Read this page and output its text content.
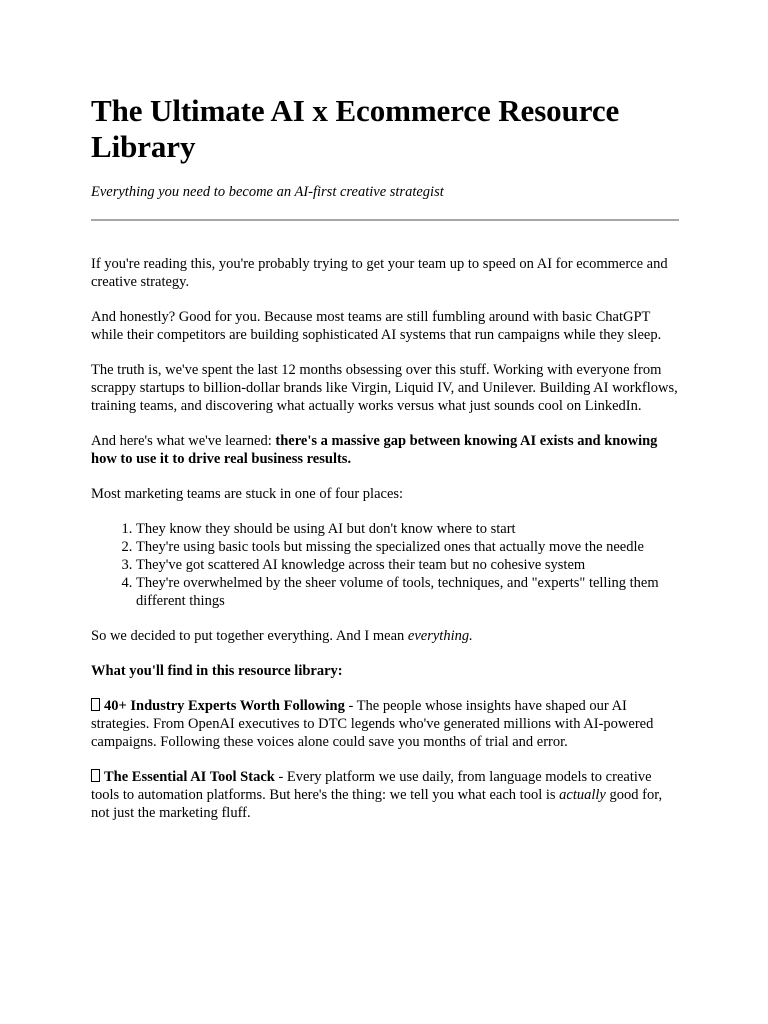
The Ultimate AI x Ecommerce Resource Library

Everything you need to become an AI-first creative strategist

If you're reading this, you're probably trying to get your team up to speed on AI for ecommerce and creative strategy.

And honestly? Good for you. Because most teams are still fumbling around with basic ChatGPT while their competitors are building sophisticated AI systems that run campaigns while they sleep.

The truth is, we've spent the last 12 months obsessing over this stuff. Working with everyone from scrappy startups to billion-dollar brands like Virgin, Liquid IV, and Unilever. Building AI workflows, training teams, and discovering what actually works versus what just sounds cool on LinkedIn.

And here's what we've learned: there's a massive gap between knowing AI exists and knowing how to use it to drive real business results.

Most marketing teams are stuck in one of four places:

1. They know they should be using AI but don't know where to start
2. They're using basic tools but missing the specialized ones that actually move the needle
3. They've got scattered AI knowledge across their team but no cohesive system
4. They're overwhelmed by the sheer volume of tools, techniques, and "experts" telling them different things

So we decided to put together everything. And I mean everything.

What you'll find in this resource library:

40+ Industry Experts Worth Following - The people whose insights have shaped our AI strategies. From OpenAI executives to DTC legends who've generated millions with AI-powered campaigns. Following these voices alone could save you months of trial and error.

The Essential AI Tool Stack - Every platform we use daily, from language models to creative tools to automation platforms. But here's the thing: we tell you what each tool is actually good for, not just the marketing fluff.
